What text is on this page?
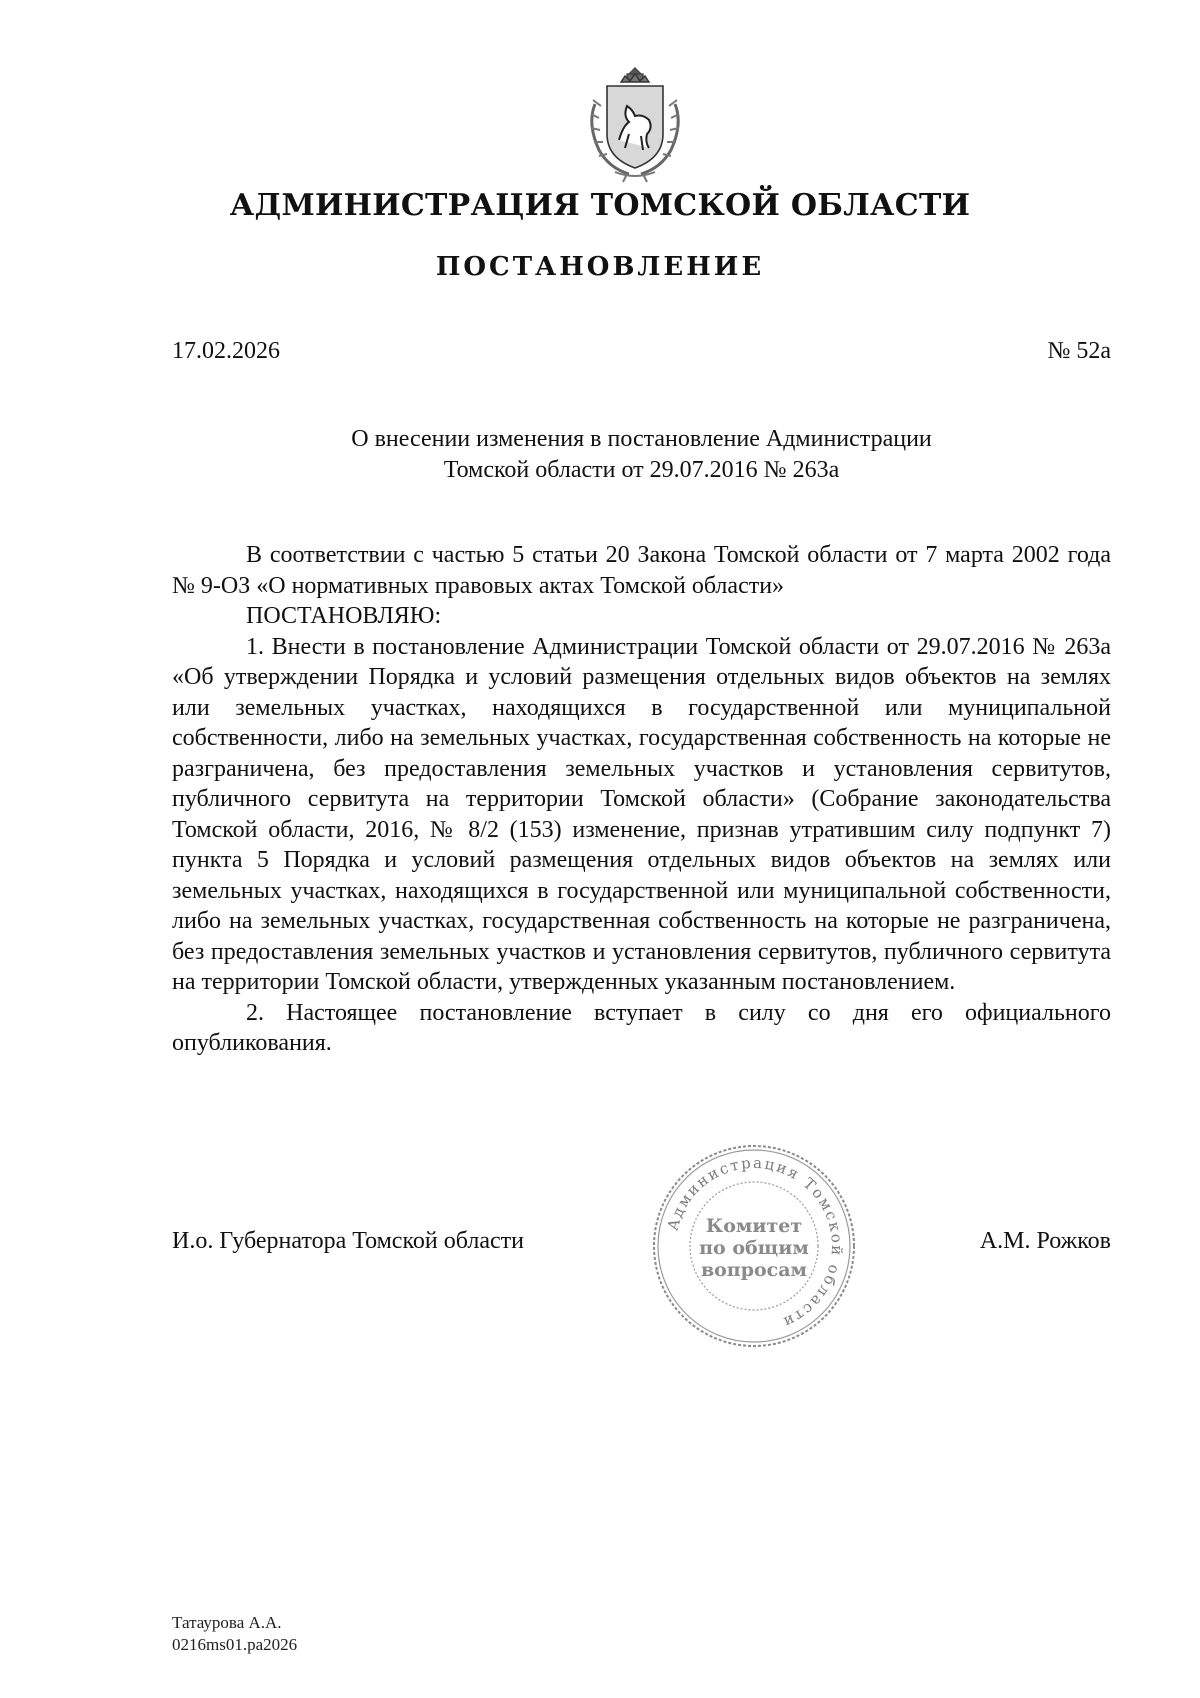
АДМИНИСТРАЦИЯ ТОМСКОЙ ОБЛАСТИ
ПОСТАНОВЛЕНИЕ
17.02.2026	№ 52а
О внесении изменения в постановление Администрации
Томской области от 29.07.2016 № 263а

В соответствии с частью 5 статьи 20 Закона Томской области от 7 марта 2002 года № 9-ОЗ «О нормативных правовых актах Томской области»

ПОСТАНОВЛЯЮ:

1. Внести в постановление Администрации Томской области от 29.07.2016 № 263а «Об утверждении Порядка и условий размещения отдельных видов объектов на землях или земельных участках, находящихся в государственной или муниципальной собственности, либо на земельных участках, государственная собственность на которые не разграничена, без предоставления земельных участков и установления сервитутов, публичного сервитута на территории Томской области» (Собрание законодательства Томской области, 2016, № 8/2 (153) изменение, признав утратившим силу подпункт 7) пункта 5 Порядка и условий размещения отдельных видов объектов на землях или земельных участках, находящихся в государственной или муниципальной собственности, либо на земельных участках, государственная собственность на которые не разграничена, без предоставления земельных участков и установления сервитутов, публичного сервитута на территории Томской области, утвержденных указанным постановлением.

2. Настоящее постановление вступает в силу со дня его официального опубликования.

И.о. Губернатора Томской области	А.М. Рожков
Администрация Томской области
Комитет
по общим
вопросам
Татаурова А.А.
0216ms01.pa2026
